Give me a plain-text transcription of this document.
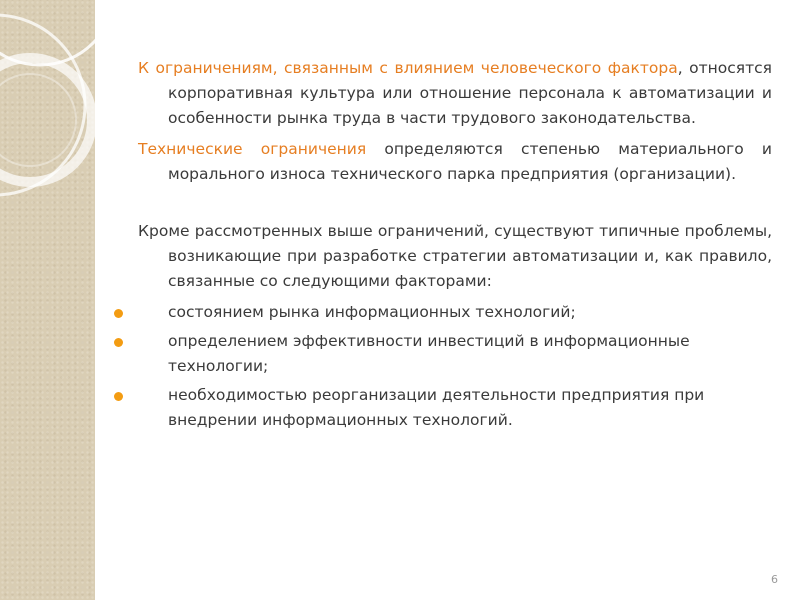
К ограничениям, связанным с влиянием человеческого фактора, относятся корпоративная культура или отношение персонала к автоматизации и особенности рынка труда в части трудового законодательства.

Технические ограничения определяются степенью материального и морального износа технического парка предприятия (организации).

Кроме рассмотренных выше ограничений, существуют типичные проблемы, возникающие при разработке стратегии автоматизации и, как правило, связанные со следующими факторами:

состоянием рынка информационных технологий;
определением эффективности инвестиций в информационные технологии;
необходимостью реорганизации деятельности предприятия при внедрении информационных технологий.
6
